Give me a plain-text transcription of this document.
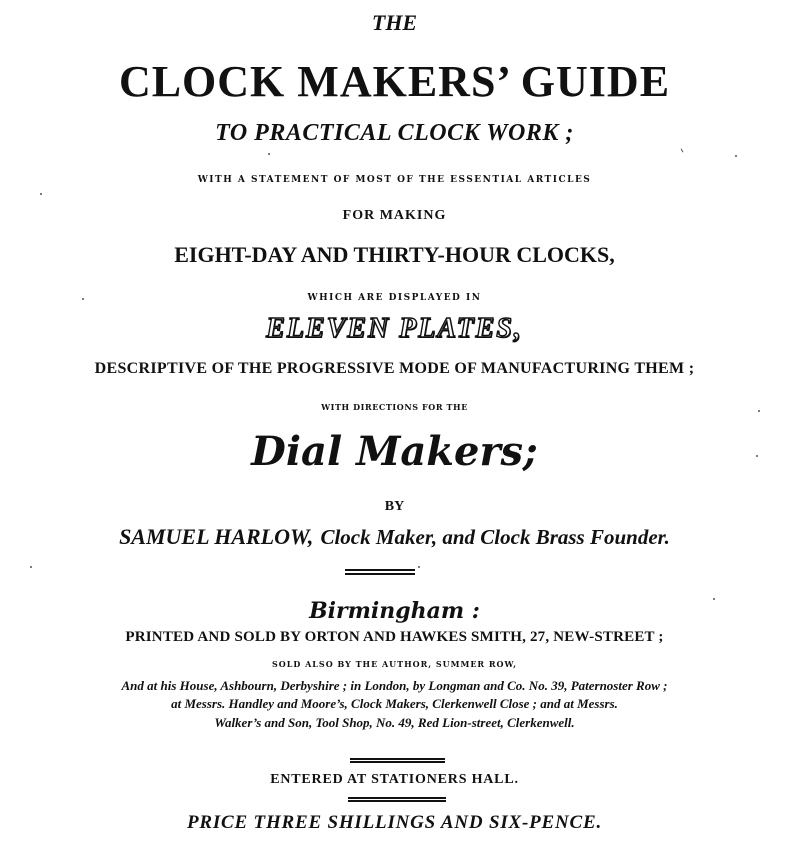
THE
CLOCK MAKERS’ GUIDE
TO PRACTICAL CLOCK WORK ;
WITH A STATEMENT OF MOST OF THE ESSENTIAL ARTICLES
FOR MAKING
EIGHT-DAY AND THIRTY-HOUR CLOCKS,
WHICH ARE DISPLAYED IN
ELEVEN PLATES,
DESCRIPTIVE OF THE PROGRESSIVE MODE OF MANUFACTURING THEM ;
WITH DIRECTIONS FOR THE
Dial Makers;
BY
SAMUEL HARLOW, Clock Maker, and Clock Brass Founder.
Birmingham :
PRINTED AND SOLD BY ORTON AND HAWKES SMITH, 27, NEW-STREET ;
SOLD ALSO BY THE AUTHOR, SUMMER ROW,
And at his House, Ashbourn, Derbyshire ; in London, by Longman and Co. No. 39, Paternoster Row ;
at Messrs. Handley and Moore’s, Clock Makers, Clerkenwell Close ; and at Messrs.
Walker’s and Son, Tool Shop, No. 49, Red Lion-street, Clerkenwell.
ENTERED AT STATIONERS HALL.
PRICE THREE SHILLINGS AND SIX-PENCE.
